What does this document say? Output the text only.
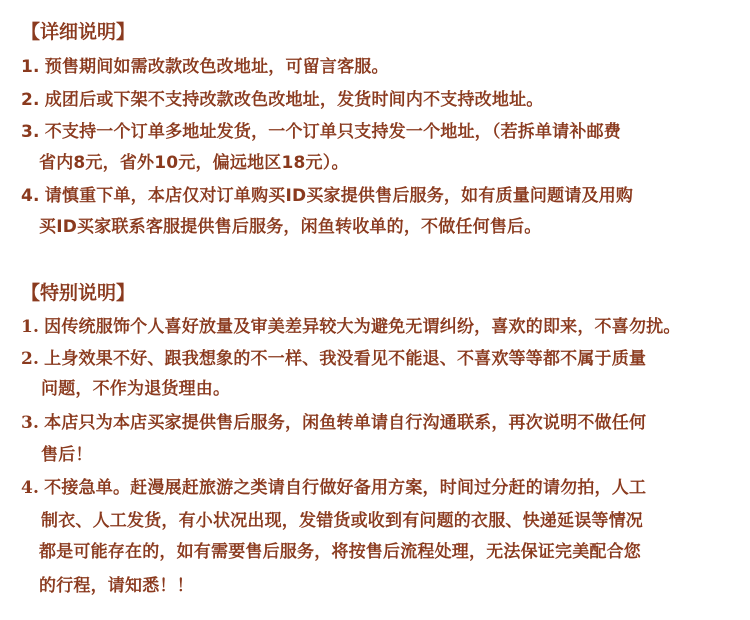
【详细说明】
1. 预售期间如需改款改色改地址，可留言客服。
2. 成团后或下架不支持改款改色改地址，发货时间内不支持改地址。
3. 不支持一个订单多地址发货，一个订单只支持发一个地址，（若拆单请补邮费
省内8元，省外10元，偏远地区18元）。
4. 请慎重下单，本店仅对订单购买ID买家提供售后服务，如有质量问题请及用购
买ID买家联系客服提供售后服务，闲鱼转收单的，不做任何售后。
【特别说明】
1. 因传统服饰个人喜好放量及审美差异较大为避免无谓纠纷，喜欢的即来，不喜勿扰。
2. 上身效果不好、跟我想象的不一样、我没看见不能退、不喜欢等等都不属于质量
问题，不作为退货理由。
3. 本店只为本店买家提供售后服务，闲鱼转单请自行沟通联系，再次说明不做任何
售后！
4. 不接急单。赶漫展赶旅游之类请自行做好备用方案，时间过分赶的请勿拍，人工
制衣、人工发货，有小状况出现，发错货或收到有问题的衣服、快递延误等情况
都是可能存在的，如有需要售后服务，将按售后流程处理，无法保证完美配合您
的行程，请知悉！！
